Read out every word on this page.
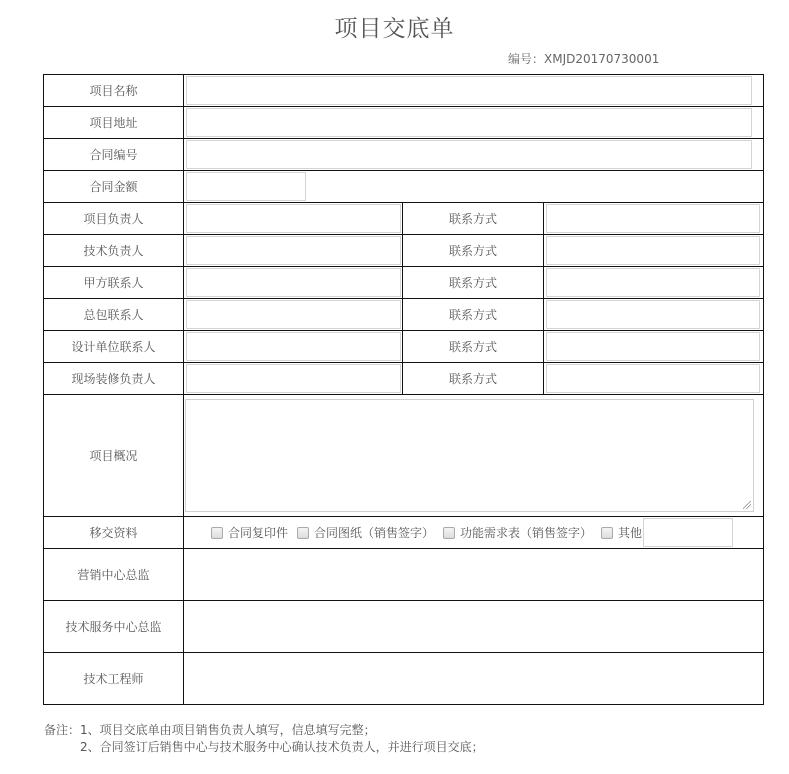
项目交底单
编号：XMJD20170730001
项目名称	

项目地址	

合同编号	

合同金额	

项目负责人		联系方式	

技术负责人		联系方式	

甲方联系人		联系方式	

总包联系人		联系方式	

设计单位联系人		联系方式	

现场装修负责人		联系方式	

项目概况			

移交资料	合同复印件 合同图纸（销售签字） 功能需求表（销售签字） 其他		

营销中心总监			
技术服务中心总监			
技术工程师			
备注：1、项目交底单由项目销售负责人填写，信息填写完整；
2、合同签订后销售中心与技术服务中心确认技术负责人，并进行项目交底；
